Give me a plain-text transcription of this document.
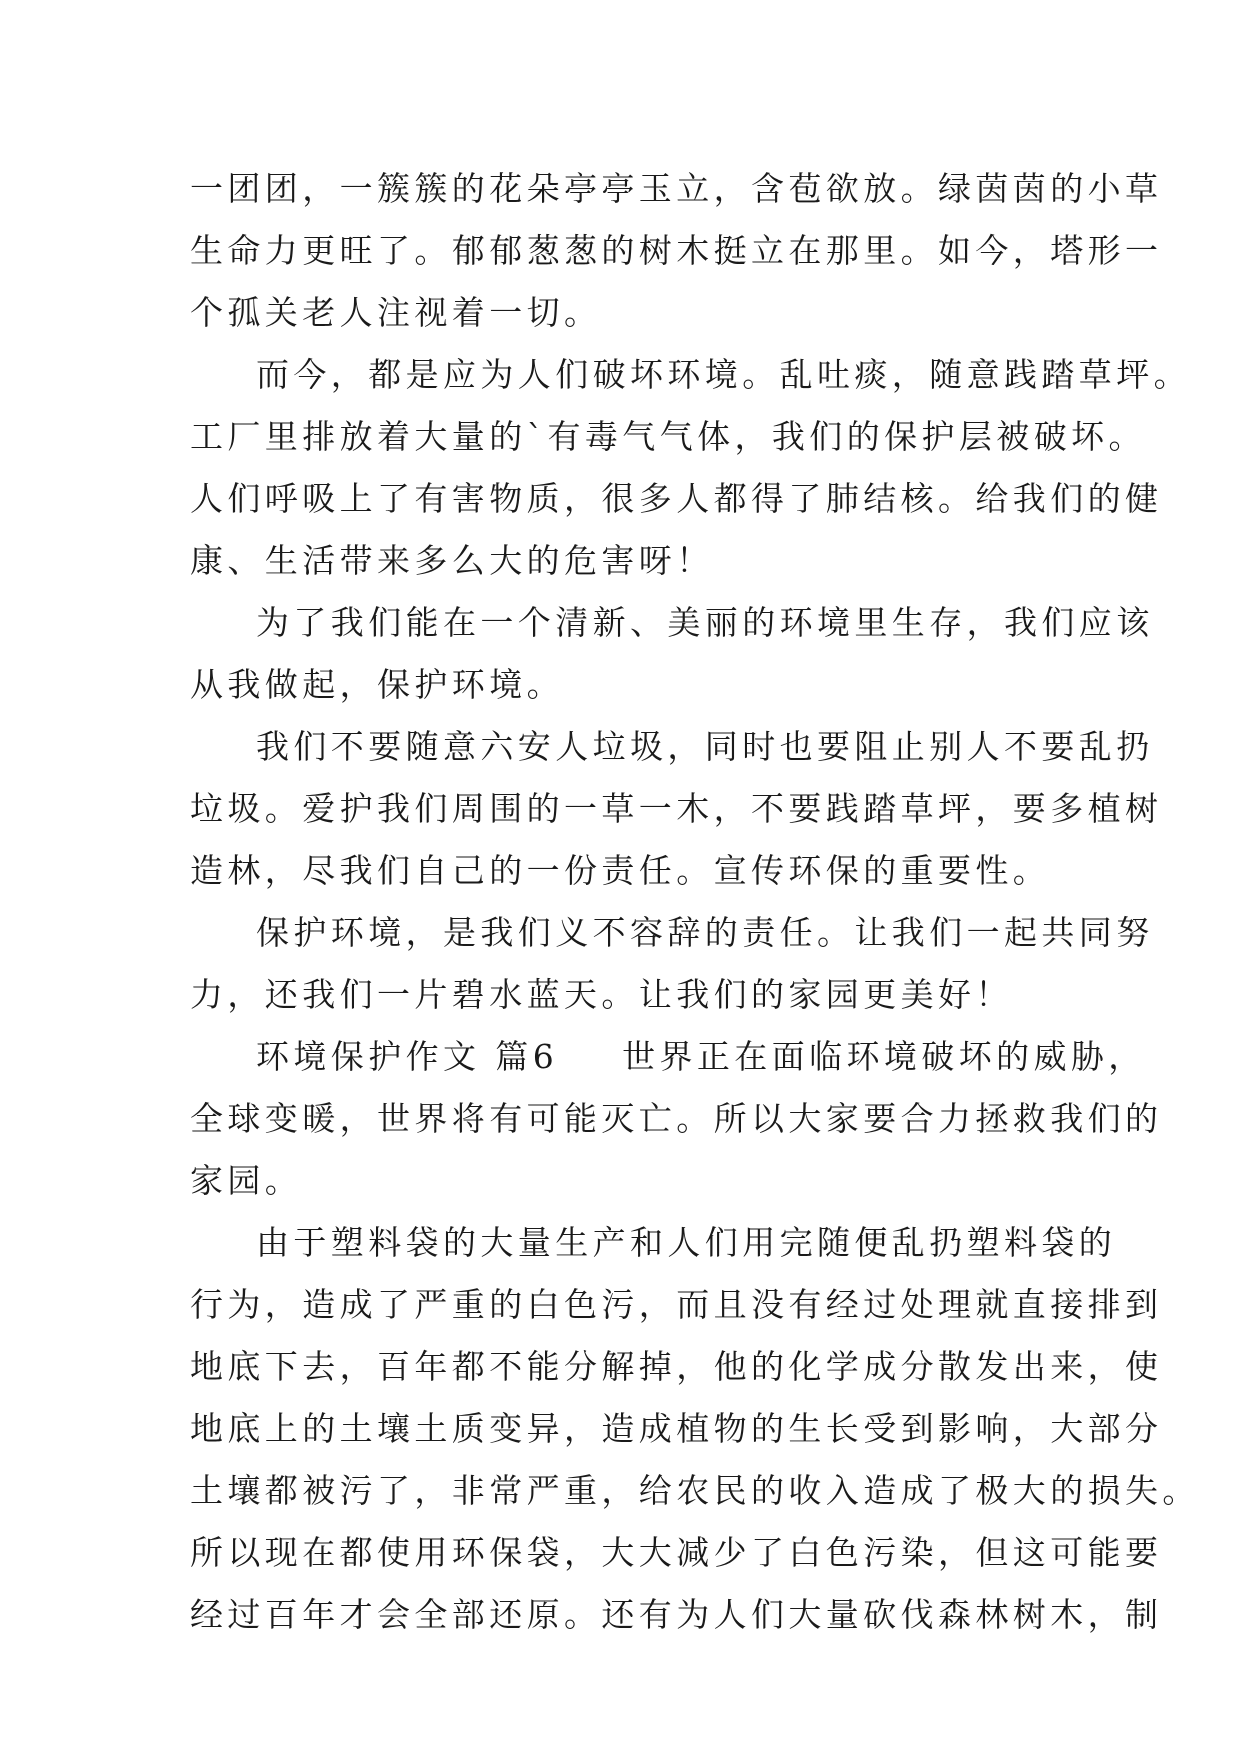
一团团，一簇簇的花朵亭亭玉立，含苞欲放。绿茵茵的小草
生命力更旺了。郁郁葱葱的树木挺立在那里。如今，塔形一
个孤关老人注视着一切。
而今，都是应为人们破坏环境。乱吐痰，随意践踏草坪。
工厂里排放着大量的`有毒气气体，我们的保护层被破坏。
人们呼吸上了有害物质，很多人都得了肺结核。给我们的健
康、生活带来多么大的危害呀！
为了我们能在一个清新、美丽的环境里生存，我们应该
从我做起，保护环境。
我们不要随意六安人垃圾，同时也要阻止别人不要乱扔
垃圾。爱护我们周围的一草一木，不要践踏草坪，要多植树
造林，尽我们自己的一份责任。宣传环保的重要性。
保护环境，是我们义不容辞的责任。让我们一起共同努
力，还我们一片碧水蓝天。让我们的家园更美好！
环境保护作文 篇6 世界正在面临环境破坏的威胁，
全球变暖，世界将有可能灭亡。所以大家要合力拯救我们的
家园。
由于塑料袋的大量生产和人们用完随便乱扔塑料袋的
行为，造成了严重的白色污，而且没有经过处理就直接排到
地底下去，百年都不能分解掉，他的化学成分散发出来，使
地底上的土壤土质变异，造成植物的生长受到影响，大部分
土壤都被污了，非常严重，给农民的收入造成了极大的损失。
所以现在都使用环保袋，大大减少了白色污染，但这可能要
经过百年才会全部还原。还有为人们大量砍伐森林树木，制
